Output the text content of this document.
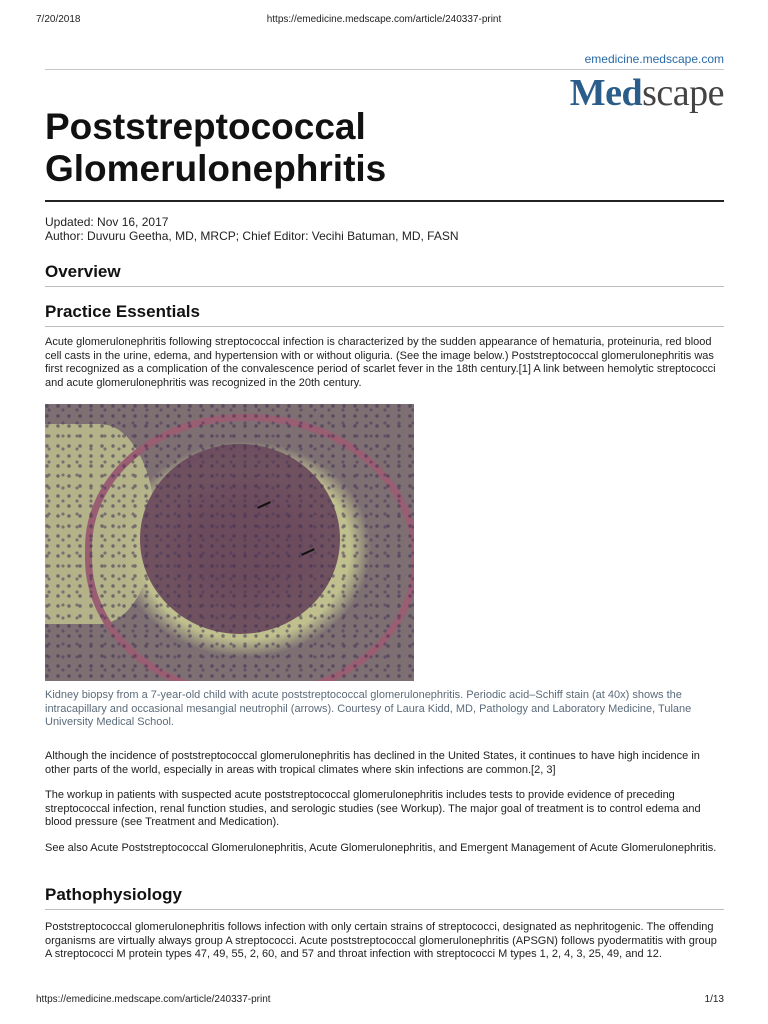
7/20/2018	https://emedicine.medscape.com/article/240337-print
emedicine.medscape.com
Medscape
Poststreptococcal Glomerulonephritis
Updated: Nov 16, 2017
Author: Duvuru Geetha, MD, MRCP; Chief Editor: Vecihi Batuman, MD, FASN
Overview
Practice Essentials

Acute glomerulonephritis following streptococcal infection is characterized by the sudden appearance of hematuria, proteinuria, red blood cell casts in the urine, edema, and hypertension with or without oliguria. (See the image below.) Poststreptococcal glomerulonephritis was first recognized as a complication of the convalescence period of scarlet fever in the 18th century.[1] A link between hemolytic streptococci and acute glomerulonephritis was recognized in the 20th century.

Kidney biopsy from a 7-year-old child with acute poststreptococcal glomerulonephritis. Periodic acid–Schiff stain (at 40x) shows the intracapillary and occasional mesangial neutrophil (arrows). Courtesy of Laura Kidd, MD, Pathology and Laboratory Medicine, Tulane University Medical School.

Although the incidence of poststreptococcal glomerulonephritis has declined in the United States, it continues to have high incidence in other parts of the world, especially in areas with tropical climates where skin infections are common.[2, 3]

The workup in patients with suspected acute poststreptococcal glomerulonephritis includes tests to provide evidence of preceding streptococcal infection, renal function studies, and serologic studies (see Workup). The major goal of treatment is to control edema and blood pressure (see Treatment and Medication).

See also Acute Poststreptococcal Glomerulonephritis, Acute Glomerulonephritis, and Emergent Management of Acute Glomerulonephritis.

Pathophysiology

Poststreptococcal glomerulonephritis follows infection with only certain strains of streptococci, designated as nephritogenic. The offending organisms are virtually always group A streptococci. Acute poststreptococcal glomerulonephritis (APSGN) follows pyodermatitis with group A streptococci M protein types 47, 49, 55, 2, 60, and 57 and throat infection with streptococci M types 1, 2, 4, 3, 25, 49, and 12.

https://emedicine.medscape.com/article/240337-print	1/13
